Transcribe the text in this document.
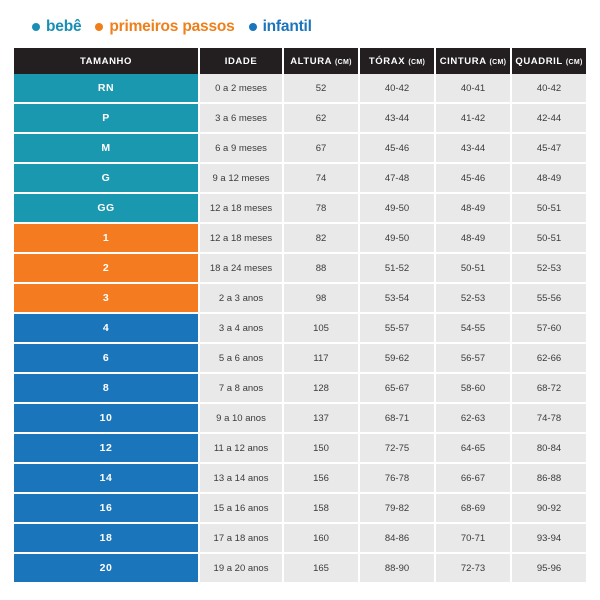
bebê primeiros passos infantil
TAMANHO	IDADE	ALTURA (CM)	TÓRAX (CM)	CINTURA (CM)	QUADRIL (CM)
RN	0 a 2 meses	52	40-42	40-41	40-42
P	3 a 6 meses	62	43-44	41-42	42-44
M	6 a 9 meses	67	45-46	43-44	45-47
G	9 a 12 meses	74	47-48	45-46	48-49
GG	12 a 18 meses	78	49-50	48-49	50-51
1	12 a 18 meses	82	49-50	48-49	50-51
2	18 a 24 meses	88	51-52	50-51	52-53
3	2 a 3 anos	98	53-54	52-53	55-56
4	3 a 4 anos	105	55-57	54-55	57-60
6	5 a 6 anos	117	59-62	56-57	62-66
8	7 a 8 anos	128	65-67	58-60	68-72
10	9 a 10 anos	137	68-71	62-63	74-78
12	11 a 12 anos	150	72-75	64-65	80-84
14	13 a 14 anos	156	76-78	66-67	86-88
16	15 a 16 anos	158	79-82	68-69	90-92
18	17 a 18 anos	160	84-86	70-71	93-94
20	19 a 20 anos	165	88-90	72-73	95-96
